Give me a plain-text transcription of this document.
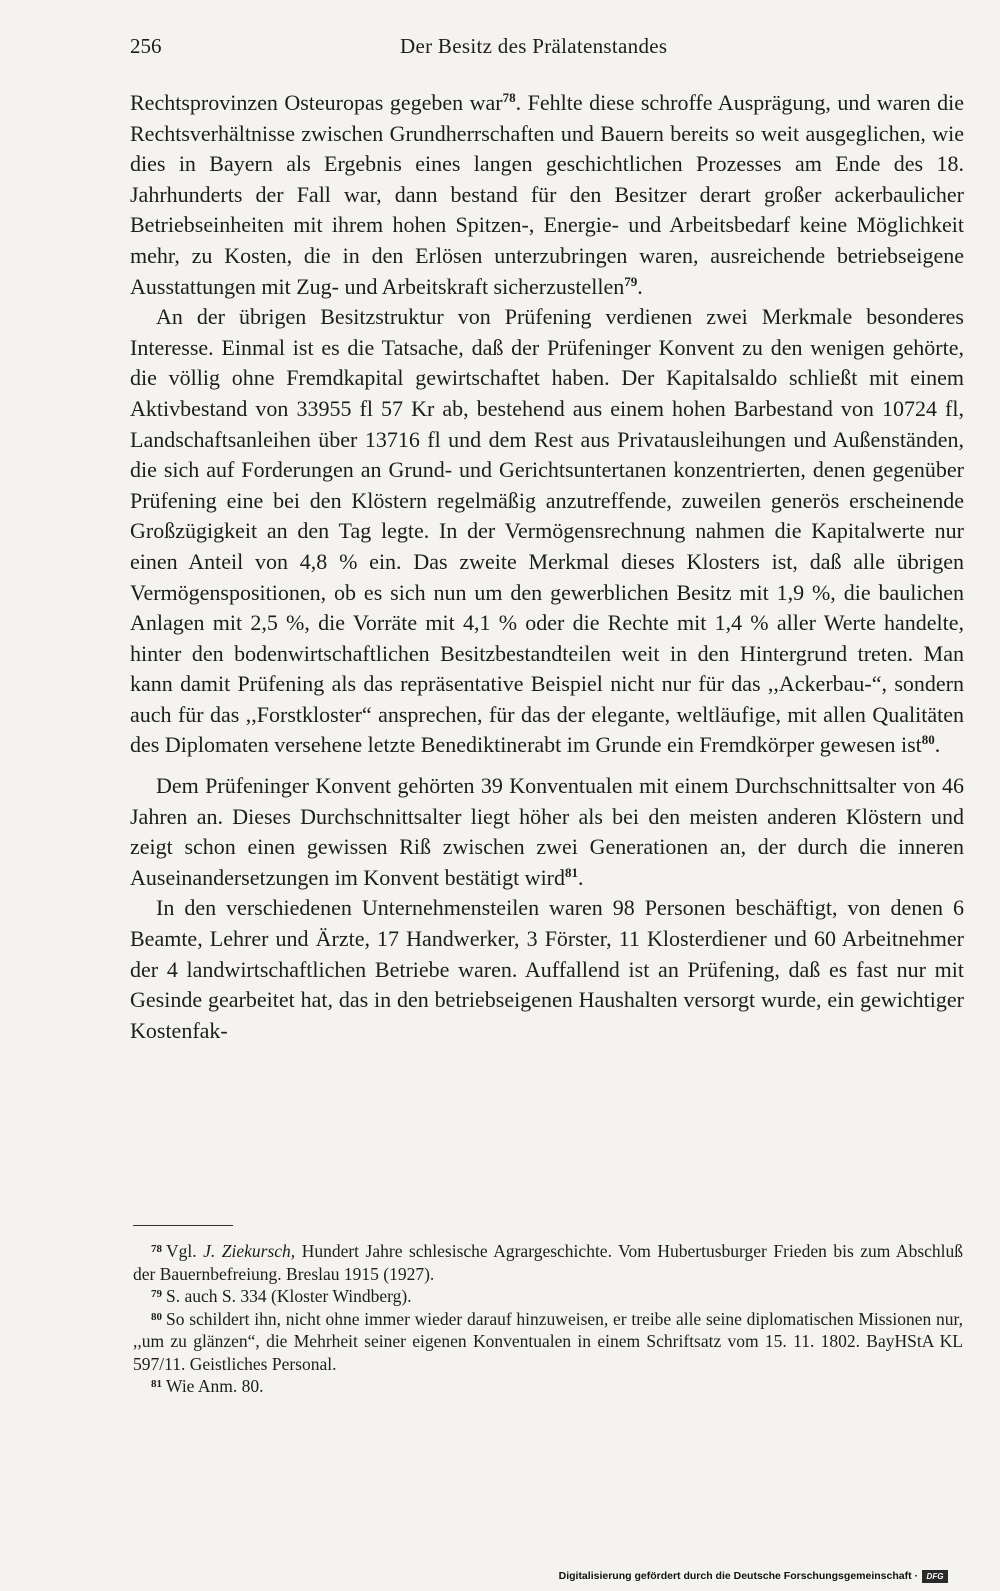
256	Der Besitz des Prälatenstandes

Rechtsprovinzen Osteuropas gegeben war$^{78}$. Fehlte diese schroffe Ausprägung, und waren die Rechtsverhältnisse zwischen Grundherrschaften und Bauern bereits so weit ausgeglichen, wie dies in Bayern als Ergebnis eines langen geschichtlichen Prozesses am Ende des 18. Jahrhunderts der Fall war, dann bestand für den Besitzer derart großer ackerbaulicher Betriebseinheiten mit ihrem hohen Spitzen-, Energie- und Arbeitsbedarf keine Möglichkeit mehr, zu Kosten, die in den Erlösen unterzubringen waren, ausreichende betriebseigene Ausstattungen mit Zug- und Arbeitskraft sicherzustellen$^{79}$.

An der übrigen Besitzstruktur von Prüfening verdienen zwei Merkmale besonderes Interesse. Einmal ist es die Tatsache, daß der Prüfeninger Konvent zu den wenigen gehörte, die völlig ohne Fremdkapital gewirtschaftet haben. Der Kapitalsaldo schließt mit einem Aktivbestand von 33955 fl 57 Kr ab, bestehend aus einem hohen Barbestand von 10724 fl, Landschaftsanleihen über 13716 fl und dem Rest aus Privatausleihungen und Außenständen, die sich auf Forderungen an Grund- und Gerichtsuntertanen konzentrierten, denen gegenüber Prüfening eine bei den Klöstern regelmäßig anzutreffende, zuweilen generös erscheinende Großzügigkeit an den Tag legte. In der Vermögensrechnung nahmen die Kapitalwerte nur einen Anteil von 4,8 % ein. Das zweite Merkmal dieses Klosters ist, daß alle übrigen Vermögenspositionen, ob es sich nun um den gewerblichen Besitz mit 1,9 %, die baulichen Anlagen mit 2,5 %, die Vorräte mit 4,1 % oder die Rechte mit 1,4 % aller Werte handelte, hinter den bodenwirtschaftlichen Besitzbestandteilen weit in den Hintergrund treten. Man kann damit Prüfening als das repräsentative Beispiel nicht nur für das ,,Ackerbau-“, sondern auch für das ,,Forstkloster“ ansprechen, für das der elegante, weltläufige, mit allen Qualitäten des Diplomaten versehene letzte Benediktinerabt im Grunde ein Fremdkörper gewesen ist$^{80}$.

Dem Prüfeninger Konvent gehörten 39 Konventualen mit einem Durchschnittsalter von 46 Jahren an. Dieses Durchschnittsalter liegt höher als bei den meisten anderen Klöstern und zeigt schon einen gewissen Riß zwischen zwei Generationen an, der durch die inneren Auseinandersetzungen im Konvent bestätigt wird$^{81}$.

In den verschiedenen Unternehmensteilen waren 98 Personen beschäftigt, von denen 6 Beamte, Lehrer und Ärzte, 17 Handwerker, 3 Förster, 11 Klosterdiener und 60 Arbeitnehmer der 4 landwirtschaftlichen Betriebe waren. Auffallend ist an Prüfening, daß es fast nur mit Gesinde gearbeitet hat, das in den betriebseigenen Haushalten versorgt wurde, ein gewichtiger Kostenfak-

$^{78}$ Vgl. J. Ziekursch, Hundert Jahre schlesische Agrargeschichte. Vom Hubertusburger Frieden bis zum Abschluß der Bauernbefreiung. Breslau 1915 (1927).

$^{79}$ S. auch S. 334 (Kloster Windberg).

$^{80}$ So schildert ihn, nicht ohne immer wieder darauf hinzuweisen, er treibe alle seine diplomatischen Missionen nur, ,,um zu glänzen“, die Mehrheit seiner eigenen Konventualen in einem Schriftsatz vom 15. 11. 1802. BayHStA KL 597/11. Geistliches Personal.

$^{81}$ Wie Anm. 80.

Digitalisierung gefördert durch die Deutsche Forschungsgemeinschaft ·	DFG
